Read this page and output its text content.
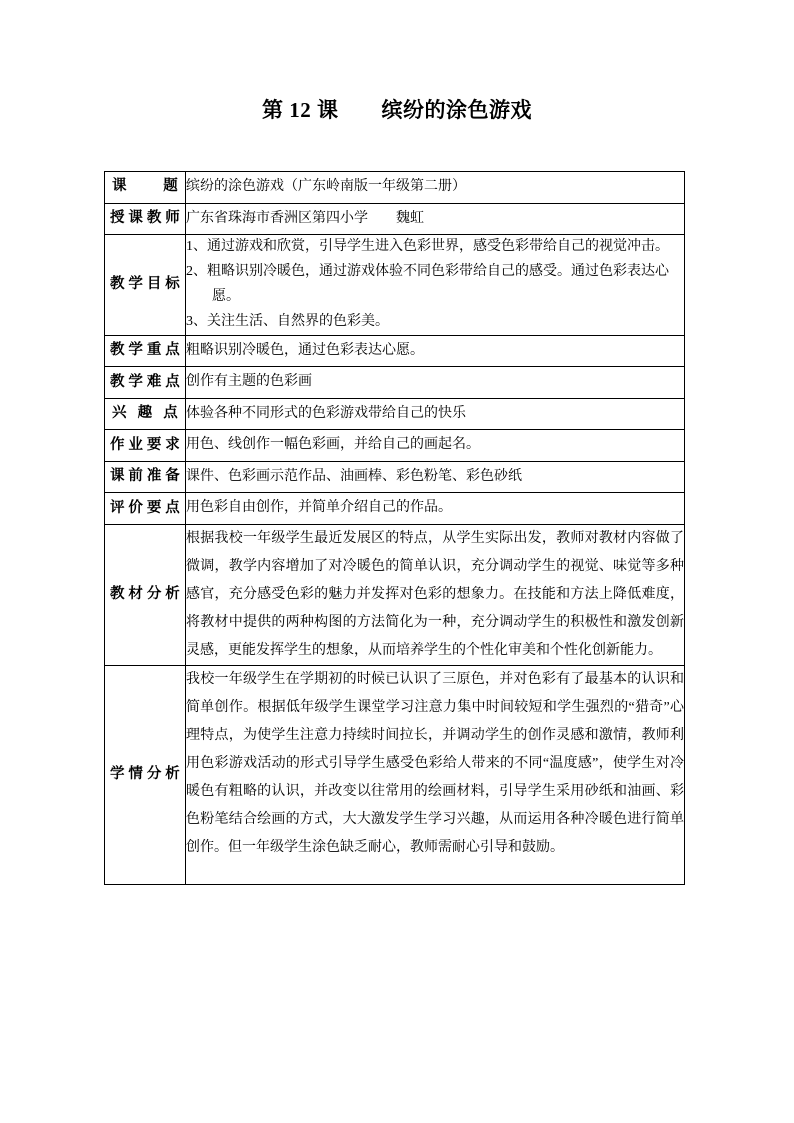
第 12 课　　缤纷的涂色游戏
课题	缤纷的涂色游戏（广东岭南版一年级第二册）
授课教师	广东省珠海市香洲区第四小学　　魏虹
教学目标	1、通过游戏和欣赏，引导学生进入色彩世界，感受色彩带给自己的视觉冲击。
2、粗略识别冷暖色，通过游戏体验不同色彩带给自己的感受。通过色彩表达心愿。
3、关注生活、自然界的色彩美。

教学重点	粗略识别冷暖色，通过色彩表达心愿。
教学难点	创作有主题的色彩画
兴趣点	体验各种不同形式的色彩游戏带给自己的快乐
作业要求	用色、线创作一幅色彩画，并给自己的画起名。
课前准备	课件、色彩画示范作品、油画棒、彩色粉笔、彩色砂纸
评价要点	用色彩自由创作，并简单介绍自己的作品。
教材分析	根据我校一年级学生最近发展区的特点，从学生实际出发，教师对教材内容做了微调，教学内容增加了对冷暖色的简单认识，充分调动学生的视觉、味觉等多种感官，充分感受色彩的魅力并发挥对色彩的想象力。在技能和方法上降低难度，将教材中提供的两种构图的方法简化为一种，充分调动学生的积极性和激发创新灵感，更能发挥学生的想象，从而培养学生的个性化审美和个性化创新能力。
学情分析	我校一年级学生在学期初的时候已认识了三原色，并对色彩有了最基本的认识和简单创作。根据低年级学生课堂学习注意力集中时间较短和学生强烈的“猎奇”心理特点，为使学生注意力持续时间拉长，并调动学生的创作灵感和激情，教师利用色彩游戏活动的形式引导学生感受色彩给人带来的不同“温度感”，使学生对冷暖色有粗略的认识，并改变以往常用的绘画材料，引导学生采用砂纸和油画、彩色粉笔结合绘画的方式，大大激发学生学习兴趣，从而运用各种冷暖色进行简单创作。但一年级学生涂色缺乏耐心，教师需耐心引导和鼓励。
